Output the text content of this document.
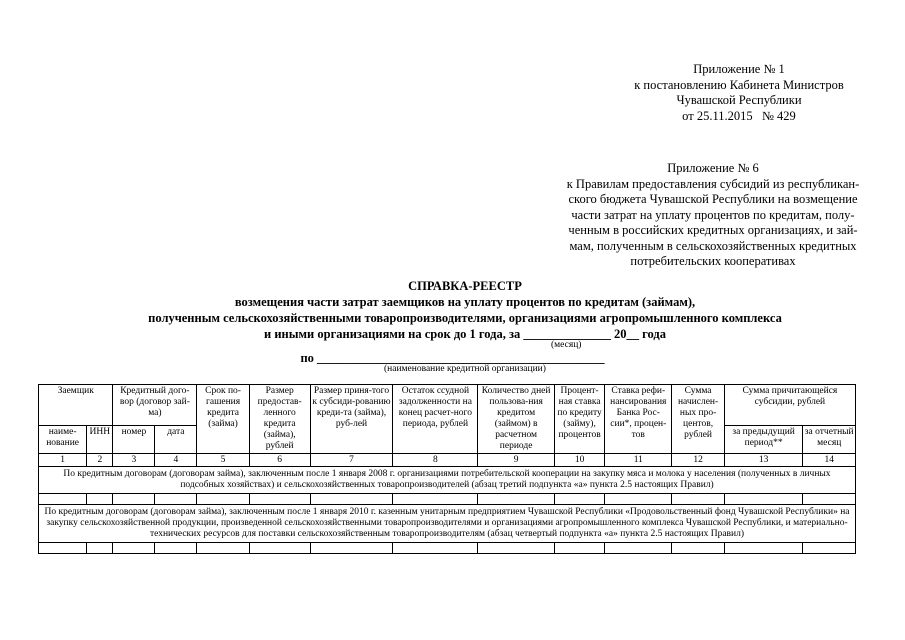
Приложение № 1
к постановлению Кабинета Министров
Чувашской Республики
от 25.11.2015   № 429
Приложение № 6
к Правилам предоставления субсидий из республикан-
ского бюджета Чувашской Республики на возмещение
части затрат на уплату процентов по кредитам, полу-
ченным в российских кредитных организациях, и зай-
мам, полученным в сельскохозяйственных кредитных
потребительских кооперативах
СПРАВКА-РЕЕСТР
возмещения части затрат заемщиков на уплату процентов по кредитам (займам),
полученным сельскохозяйственными товаропроизводителями, организациями агропромышленного комплекса
и иными организациями на срок до 1 года, за ______________ 20__ года
(месяц)
по ______________________________________________
(наименование кредитной организации)
Заемщик		Кредитный дого-вор (договор зай-ма)		Срок по-гашения кредита (займа)	Размер предостав-ленного кредита (займа), рублей	Размер приня-того к субсиди-рованию креди-та (займа), руб-лей	Остаток ссудной задолженности на конец расчет-ного периода, рублей	Количество дней пользова-ния кредитом (займом) в расчетном периоде	Процент-ная ставка по кредиту (займу), процентов	Ставка рефи-нансирования Банка Рос-сии*, процен-тов	Сумма начислен-ных про-центов, рублей	Сумма причитающейся субсидии, рублей	
наиме-нование	ИНН	номер	дата									за предыдущий период**	за отчетный месяц
1	2	3	4	5	6	7	8	9	10	11	12	13	14
По кредитным договорам (договорам займа), заключенным после 1 января 2008 г. организациями потребительской кооперации на закупку мяса и молока у населения (полученных в личных подсобных хозяйствах) и сельскохозяйственных товаропроизводителей (абзац третий подпункта «а» пункта 2.5 настоящих Правил)													

По кредитным договорам (договорам займа), заключенным после 1 января 2010 г. казенным унитарным предприятием Чувашской Республики «Продовольственный фонд Чувашской Республики» на закупку сельскохозяйственной продукции, произведенной сельскохозяйственными товаропроизводителями и организациями агропромышленного комплекса Чувашской Республики, и материально-технических ресурсов для поставки сельскохозяйственным товаропроизводителям (абзац четвертый подпункта «а» пункта 2.5 настоящих Правил)													
